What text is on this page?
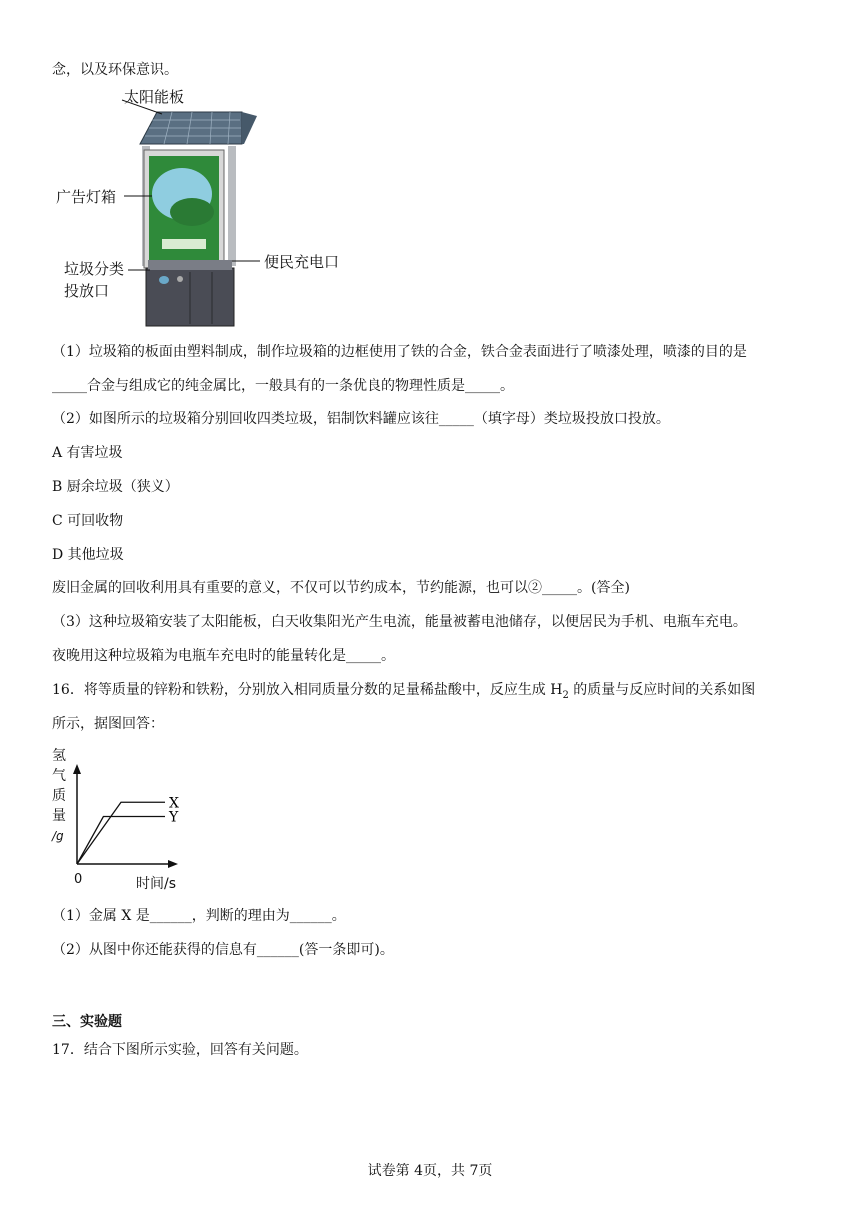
念，以及环保意识。
太阳能板
广告灯箱
便民充电口
垃圾分类
投放口
（1）垃圾箱的板面由塑料制成，制作垃圾箱的边框使用了铁的合金，铁合金表面进行了喷漆处理，喷漆的目的是
_____合金与组成它的纯金属比，一般具有的一条优良的物理性质是_____。
（2）如图所示的垃圾箱分别回收四类垃圾，铝制饮料罐应该往_____（填字母）类垃圾投放口投放。
A 有害垃圾
B 厨余垃圾（狭义）
C 可回收物
D 其他垃圾
废旧金属的回收利用具有重要的意义，不仅可以节约成本，节约能源，也可以②_____。(答全)
（3）这种垃圾箱安装了太阳能板，白天收集阳光产生电流，能量被蓄电池储存，以便居民为手机、电瓶车充电。
夜晚用这种垃圾箱为电瓶车充电时的能量转化是_____。
16．将等质量的锌粉和铁粉，分别放入相同质量分数的足量稀盐酸中，反应生成 $H_2$ 的质量与反应时间的关系如图
所示，据图回答：
X
Y
氢
气
质
量
/g
0	时间/s
（1）金属 X 是______，判断的理由为______。
（2）从图中你还能获得的信息有______(答一条即可)。
三、实验题
17．结合下图所示实验，回答有关问题。
试卷第 4页，共 7页
